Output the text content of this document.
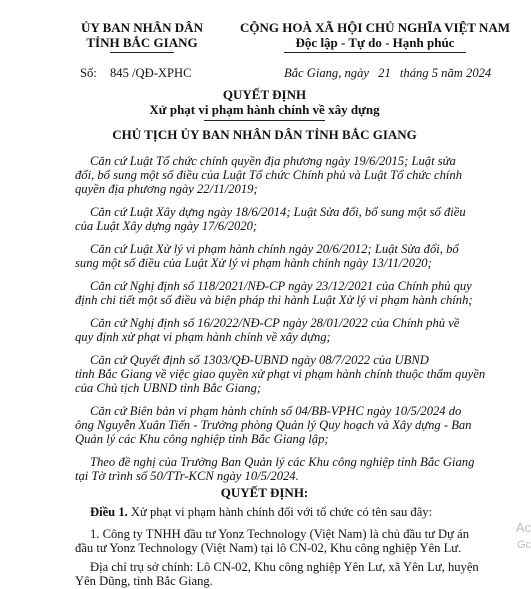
ỦY BAN NHÂN DÂN
TỈNH BẮC GIANG
CỘNG HOÀ XÃ HỘI CHỦ NGHĨA VIỆT NAM
Độc lập - Tự do - Hạnh phúc
Số: 845 /QĐ-XPHC	Bắc Giang, ngày 21 tháng 5 năm 2024
QUYẾT ĐỊNH
Xử phạt vi phạm hành chính về xây dựng
CHỦ TỊCH ỦY BAN NHÂN DÂN TỈNH BẮC GIANG
Căn cứ Luật Tổ chức chính quyền địa phương ngày 19/6/2015; Luật sửa
đổi, bổ sung một số điều của Luật Tổ chức Chính phủ và Luật Tổ chức chính
quyền địa phương ngày 22/11/2019;
Căn cứ Luật Xây dựng ngày 18/6/2014; Luật Sửa đổi, bổ sung một số điều
của Luật Xây dựng ngày 17/6/2020;
Căn cứ Luật Xử lý vi phạm hành chính ngày 20/6/2012; Luật Sửa đổi, bổ
sung một số điều của Luật Xử lý vi phạm hành chính ngày 13/11/2020;
Căn cứ Nghị định số 118/2021/NĐ-CP ngày 23/12/2021 của Chính phủ quy
định chi tiết một số điều và biện pháp thi hành Luật Xử lý vi phạm hành chính;
Căn cứ Nghị định số 16/2022/NĐ-CP ngày 28/01/2022 của Chính phủ về
quy định xử phạt vi phạm hành chính về xây dựng;
Căn cứ Quyết định số 1303/QĐ-UBND ngày 08/7/2022 của UBND
tỉnh Bắc Giang về việc giao quyền xử phạt vi phạm hành chính thuộc thẩm quyền
của Chủ tịch UBND tỉnh Bắc Giang;
Căn cứ Biên bản vi phạm hành chính số 04/BB-VPHC ngày 10/5/2024 do
ông Nguyễn Xuân Tiến - Trưởng phòng Quản lý Quy hoạch và Xây dựng - Ban
Quản lý các Khu công nghiệp tỉnh Bắc Giang lập;
Theo đề nghị của Trưởng Ban Quản lý các Khu công nghiệp tỉnh Bắc Giang
tại Tờ trình số 50/TTr-KCN ngày 10/5/2024.
QUYẾT ĐỊNH:
Điều 1. Xử phạt vi phạm hành chính đối với tổ chức có tên sau đây:
1. Công ty TNHH đầu tư Yonz Technology (Việt Nam) là chủ đầu tư Dự án
đầu tư Yonz Technology (Việt Nam) tại lô CN-02, Khu công nghiệp Yên Lư.
Địa chỉ trụ sở chính: Lô CN-02, Khu công nghiệp Yên Lư, xã Yên Lư, huyện
Yên Dũng, tỉnh Bắc Giang.
Ac
Gc
